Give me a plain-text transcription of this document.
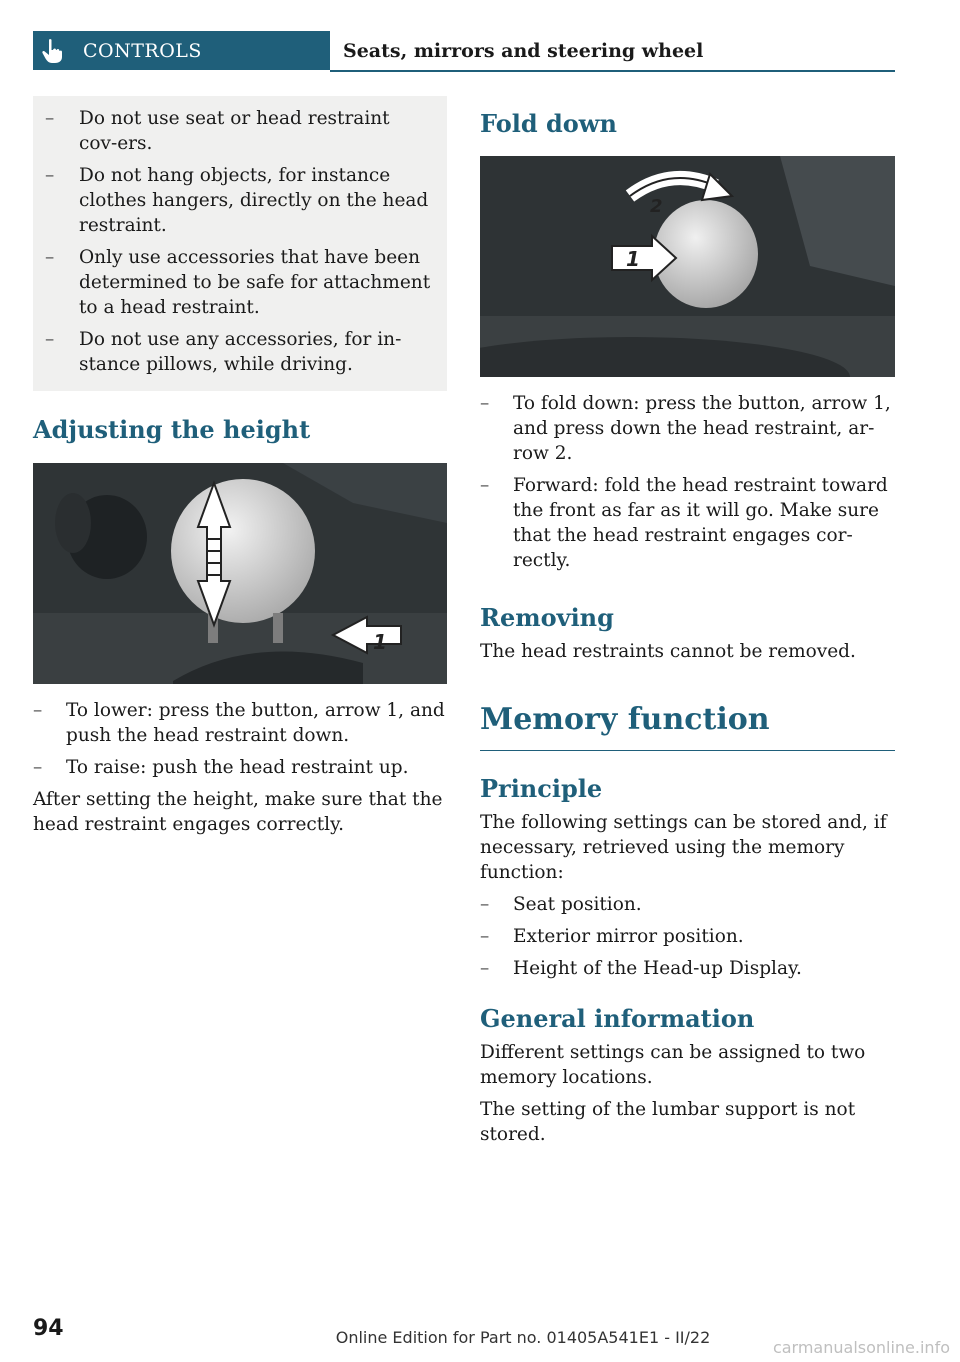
CONTROLS	Seats, mirrors and steering wheel
– Do not use seat or head restraint cov-ers.
– Do not hang objects, for instance clothes hangers, directly on the head restraint.
– Only use accessories that have been determined to be safe for attachment to a head restraint.
– Do not use any accessories, for in-stance pillows, while driving.
Adjusting the height
1
– To lower: press the button, arrow 1, and push the head restraint down.
– To raise: push the head restraint up.

After setting the height, make sure that the head restraint engages correctly.

Fold down
2
1
– To fold down: press the button, arrow 1, and press down the head restraint, ar-row 2.
– Forward: fold the head restraint toward the front as far as it will go. Make sure that the head restraint engages cor-rectly.
Removing

The head restraints cannot be removed.

Memory function
Principle

The following settings can be stored and, if necessary, retrieved using the memory function:

– Seat position.
– Exterior mirror position.
– Height of the Head-up Display.
General information

Different settings can be assigned to two memory locations.

The setting of the lumbar support is not stored.

94	Online Edition for Part no. 01405A541E1 - II/22
carmanualsonline.info
